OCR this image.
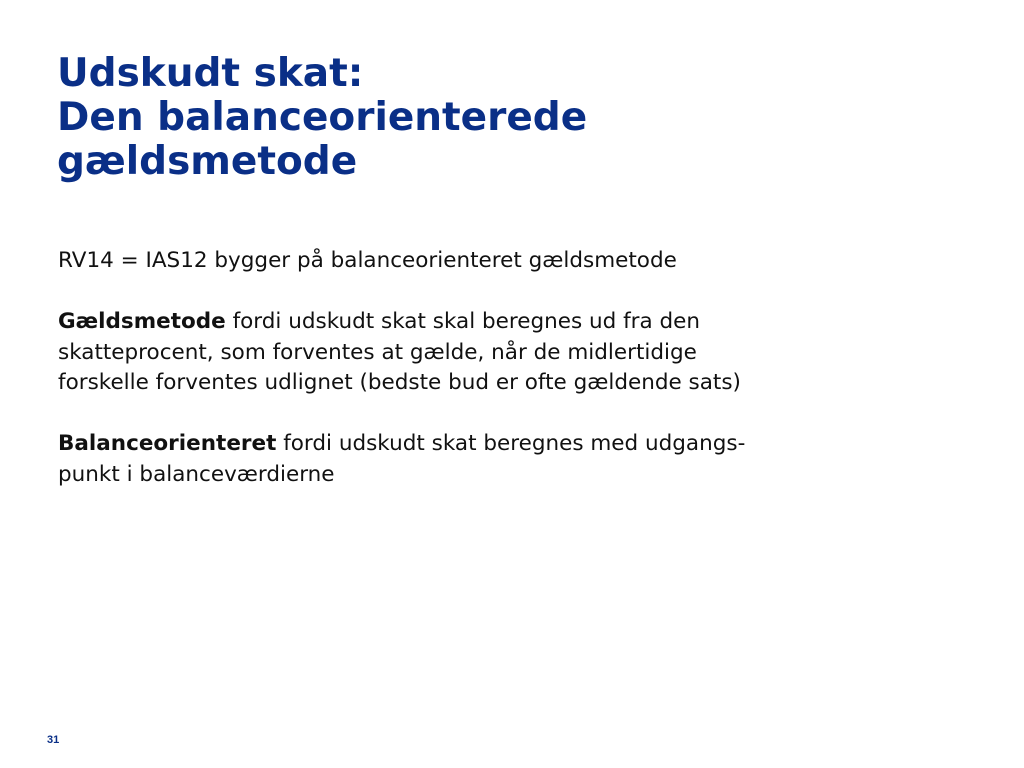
Udskudt skat:
Den balanceorienterede
gældsmetode

RV14 = IAS12 bygger på balanceorienteret gældsmetode

Gældsmetode fordi udskudt skat skal beregnes ud fra den
skatteprocent, som forventes at gælde, når de midlertidige
forskelle forventes udlignet (bedste bud er ofte gældende sats)

Balanceorienteret fordi udskudt skat beregnes med udgangs-
punkt i balanceværdierne

31
